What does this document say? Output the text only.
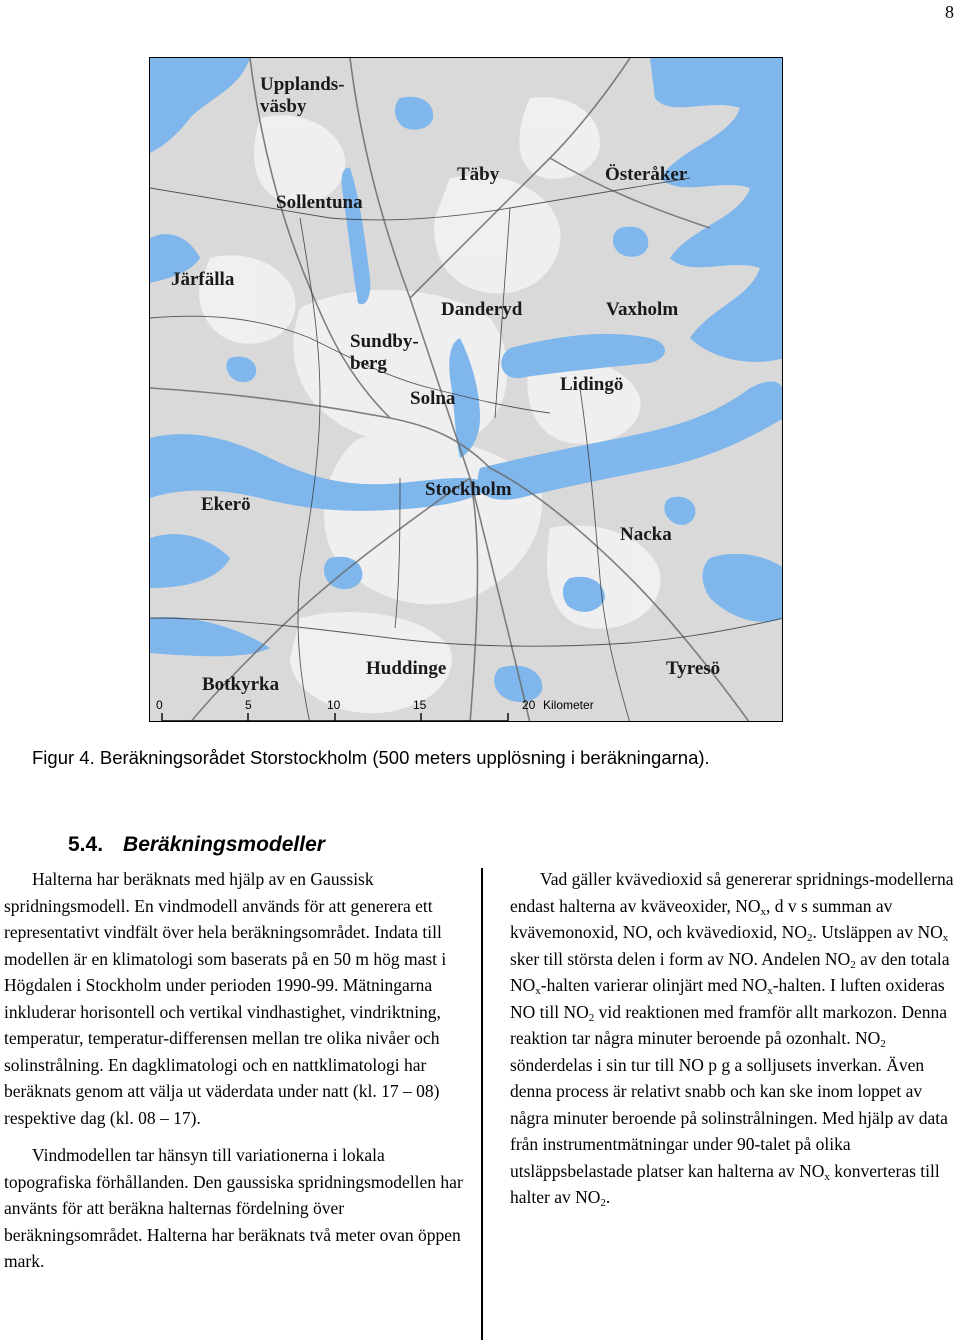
8
Upplands-väsby
Sollentuna
Täby	Österåker
Järfälla
Danderyd	Vaxholm
Sundby-berg
Solna
Lidingö
Ekerö
Stockholm
Nacka
Botkyrka
Huddinge	Tyresö
0	5	10	15	20 Kilometer
Figur 4. Beräkningsorådet Storstockholm (500 meters upplösning i beräkningarna).
5.4. Beräkningsmodeller

Halterna har beräknats med hjälp av en Gaussisk spridningsmodell. En vindmodell används för att generera ett representativt vindfält över hela beräkningsområdet. Indata till modellen är en klimatologi som baserats på en 50 m hög mast i Högdalen i Stockholm under perioden 1990-99. Mätningarna inkluderar horisontell och vertikal vindhastighet, vindriktning, temperatur, temperatur-differensen mellan tre olika nivåer och solinstrålning. En dagklimatologi och en nattklimatologi har beräknats genom att välja ut väderdata under natt (kl. 17 – 08) respektive dag (kl. 08 – 17).

Vindmodellen tar hänsyn till variationerna i lokala topografiska förhållanden. Den gaussiska spridningsmodellen har använts för att beräkna halternas fördelning över beräkningsområdet. Halterna har beräknats två meter ovan öppen mark.

Vad gäller kvävedioxid så genererar spridnings-modellerna endast halterna av kväveoxider, $NO_x$, d v s summan av kvävemonoxid, NO, och kvävedioxid, $NO_2$. Utsläppen av $NO_x$ sker till största delen i form av NO. Andelen $NO_2$ av den totala $NO_x$-halten varierar olinjärt med $NO_x$-halten. I luften oxideras NO till $NO_2$ vid reaktionen med framför allt markozon. Denna reaktion tar några minuter beroende på ozonhalt. $NO_2$ sönderdelas i sin tur till NO p g a solljusets inverkan. Även denna process är relativt snabb och kan ske inom loppet av några minuter beroende på solinstrålningen. Med hjälp av data från instrumentmätningar under 90-talet på olika utsläppsbelastade platser kan halterna av $NO_x$ konverteras till halter av $NO_2$.
